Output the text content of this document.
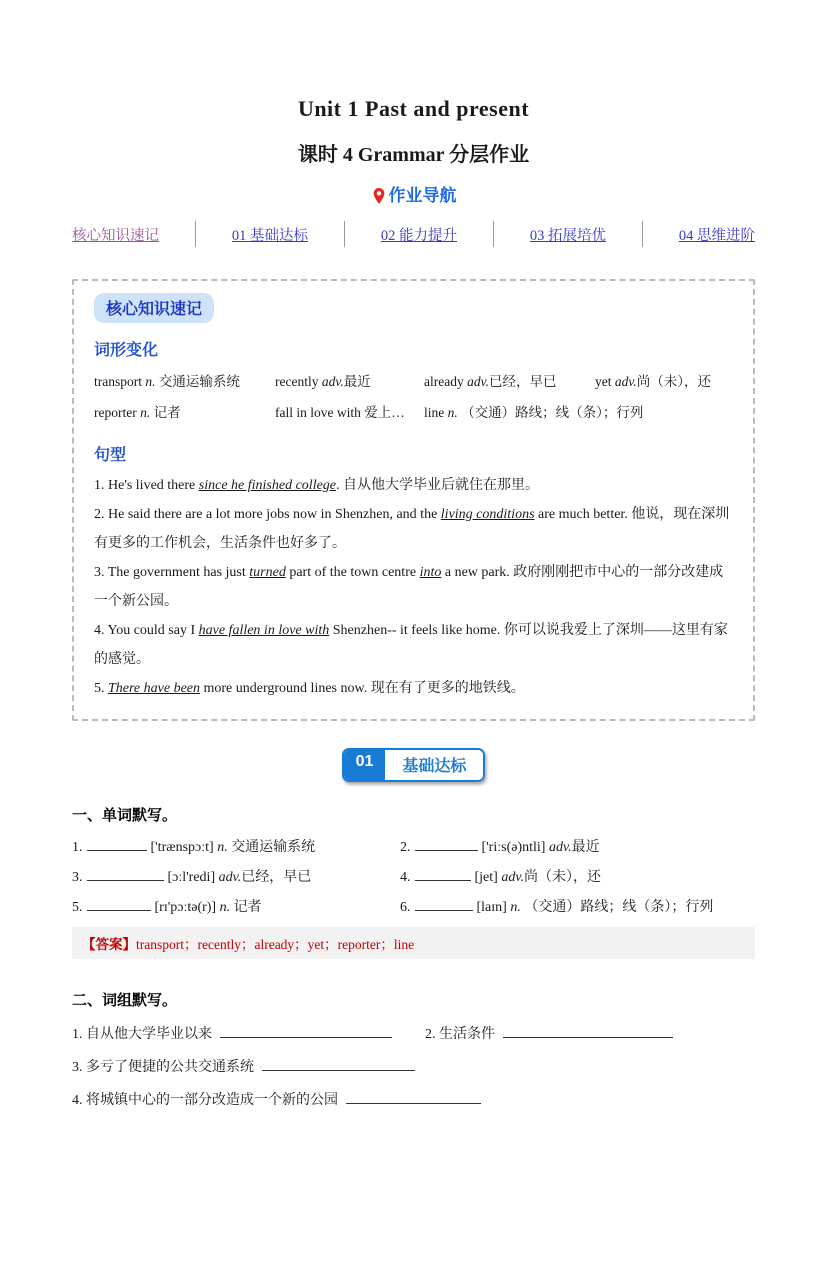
Unit 1 Past and present
课时 4 Grammar 分层作业
作业导航
核心知识速记	01 基础达标	02 能力提升	03 拓展培优	04 思维进阶
核心知识速记
词形变化
transport n. 交通运输系统	recently adv.最近	already adv.已经，早已	yet adv.尚（未），还
reporter n. 记者	fall in love with 爱上…	line n. （交通）路线；线（条）；行列
句型

1. He's lived there since he finished college. 自从他大学毕业后就住在那里。

2. He said there are a lot more jobs now in Shenzhen, and the living conditions are much better. 他说，现在深圳有更多的工作机会，生活条件也好多了。

3. The government has just turned part of the town centre into a new park. 政府刚刚把市中心的一部分改建成一个新公园。

4. You could say I have fallen in love with Shenzhen-- it feels like home. 你可以说我爱上了深圳——这里有家的感觉。

5. There have been more underground lines now. 现在有了更多的地铁线。

01	基础达标
一、单词默写。
1.	['trænspɔːt] n. 交通运输系统	2.	['riːs(ə)ntli] adv.最近
3.	[ɔːl'redi] adv.已经，早已	4.	[jet] adv.尚（未），还
5.	[rɪ'pɔːtə(r)] n. 记者	6.	[laɪn] n. （交通）路线；线（条）；行列
【答案】transport；recently；already；yet；reporter；line
二、词组默写。
1. 自从他大学毕业以来	2. 生活条件
3. 多亏了便捷的公共交通系统
4. 将城镇中心的一部分改造成一个新的公园
